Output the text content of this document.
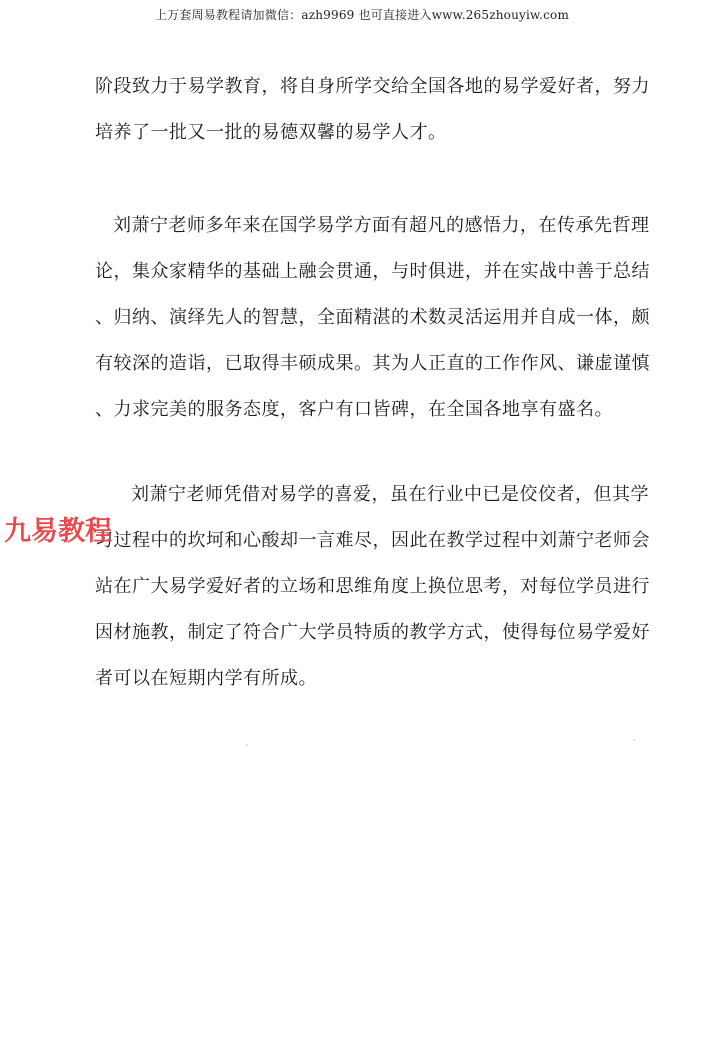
上万套周易教程请加微信：azh9969 也可直接进入www.265zhouyiw.com
阶段致力于易学教育，将自身所学交给全国各地的易学爱好者，努力
培养了一批又一批的易德双馨的易学人才。
刘萧宁老师多年来在国学易学方面有超凡的感悟力，在传承先哲理
论，集众家精华的基础上融会贯通，与时俱进，并在实战中善于总结
、归纳、演绎先人的智慧，全面精湛的术数灵活运用并自成一体，颇
有较深的造诣，已取得丰硕成果。其为人正直的工作作风、谦虚谨慎
、力求完美的服务态度，客户有口皆碑，在全国各地享有盛名。
刘萧宁老师凭借对易学的喜爱，虽在行业中已是佼佼者，但其学
习过程中的坎坷和心酸却一言难尽，因此在教学过程中刘萧宁老师会
站在广大易学爱好者的立场和思维角度上换位思考，对每位学员进行
因材施教，制定了符合广大学员特质的教学方式，使得每位易学爱好
者可以在短期内学有所成。
九易教程
